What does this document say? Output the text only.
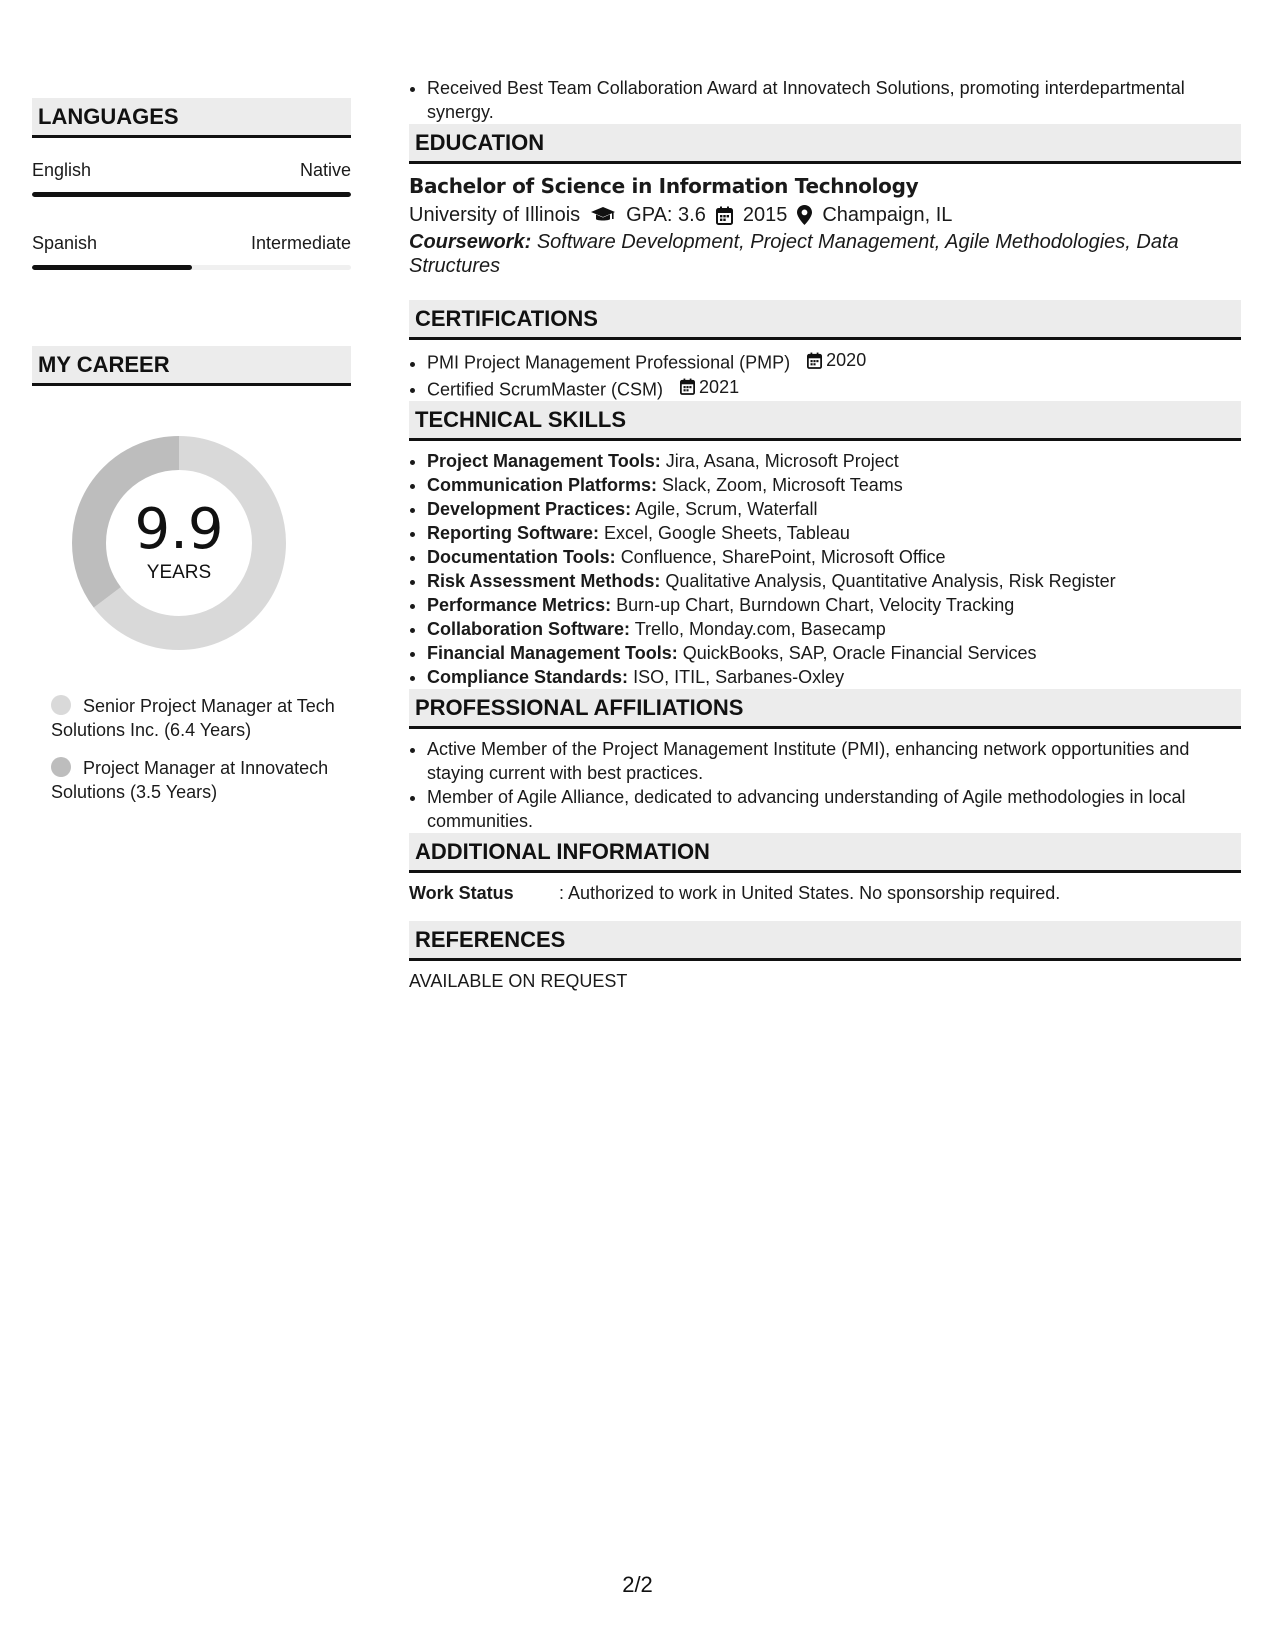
LANGUAGES
English	Native
Spanish	Intermediate
MY CAREER
9.9
YEARS
Senior Project Manager at Tech Solutions Inc. (6.4 Years)
Project Manager at Innovatech Solutions (3.5 Years)
• Received Best Team Collaboration Award at Innovatech Solutions, promoting interdepartmental synergy.
EDUCATION
Bachelor of Science in Information Technology
University of Illinois GPA: 3.6 2015 Champaign, IL
Coursework: Software Development, Project Management, Agile Methodologies, Data Structures
CERTIFICATIONS
• PMI Project Management Professional (PMP) 2020
• Certified ScrumMaster (CSM) 2021
TECHNICAL SKILLS
• Project Management Tools: Jira, Asana, Microsoft Project
• Communication Platforms: Slack, Zoom, Microsoft Teams
• Development Practices: Agile, Scrum, Waterfall
• Reporting Software: Excel, Google Sheets, Tableau
• Documentation Tools: Confluence, SharePoint, Microsoft Office
• Risk Assessment Methods: Qualitative Analysis, Quantitative Analysis, Risk Register
• Performance Metrics: Burn-up Chart, Burndown Chart, Velocity Tracking
• Collaboration Software: Trello, Monday.com, Basecamp
• Financial Management Tools: QuickBooks, SAP, Oracle Financial Services
• Compliance Standards: ISO, ITIL, Sarbanes-Oxley
PROFESSIONAL AFFILIATIONS
• Active Member of the Project Management Institute (PMI), enhancing network opportunities and staying current with best practices.
• Member of Agile Alliance, dedicated to advancing understanding of Agile methodologies in local communities.
ADDITIONAL INFORMATION
Work Status	: Authorized to work in United States. No sponsorship required.
REFERENCES
AVAILABLE ON REQUEST
2/2
